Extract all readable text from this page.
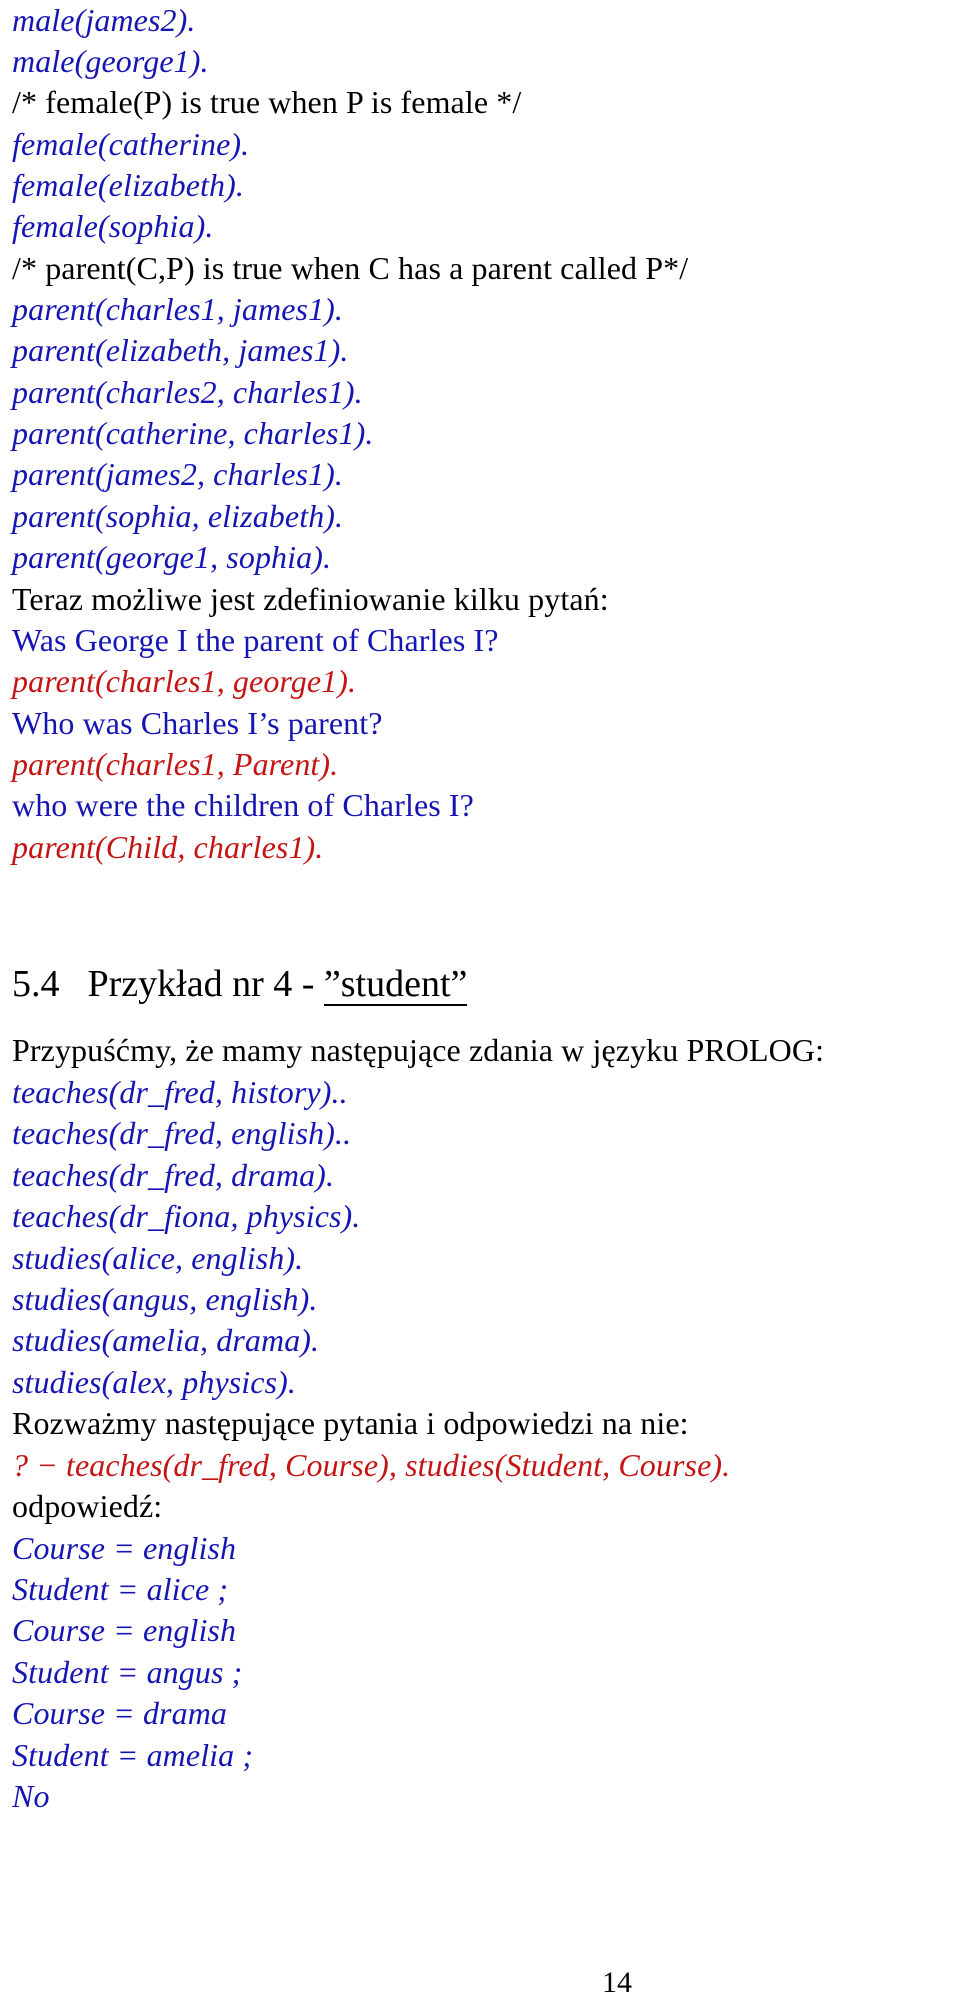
male(james2).
male(george1).
/* female(P) is true when P is female */
female(catherine).
female(elizabeth).
female(sophia).
/* parent(C,P) is true when C has a parent called P*/
parent(charles1, james1).
parent(elizabeth, james1).
parent(charles2, charles1).
parent(catherine, charles1).
parent(james2, charles1).
parent(sophia, elizabeth).
parent(george1, sophia).
Teraz możliwe jest zdefiniowanie kilku pytań:
Was George I the parent of Charles I?
parent(charles1, george1).
Who was Charles I’s parent?
parent(charles1, Parent).
who were the children of Charles I?
parent(Child, charles1).
5.4 Przykład nr 4 - ”student”
Przypuśćmy, że mamy następujące zdania w języku PROLOG:
teaches(dr_fred, history)..
teaches(dr_fred, english)..
teaches(dr_fred, drama).
teaches(dr_fiona, physics).
studies(alice, english).
studies(angus, english).
studies(amelia, drama).
studies(alex, physics).
Rozważmy następujące pytania i odpowiedzi na nie:
? − teaches(dr_fred, Course), studies(Student, Course).
odpowiedź:
Course = english
Student = alice ;
Course = english
Student = angus ;
Course = drama
Student = amelia ;
No
14
